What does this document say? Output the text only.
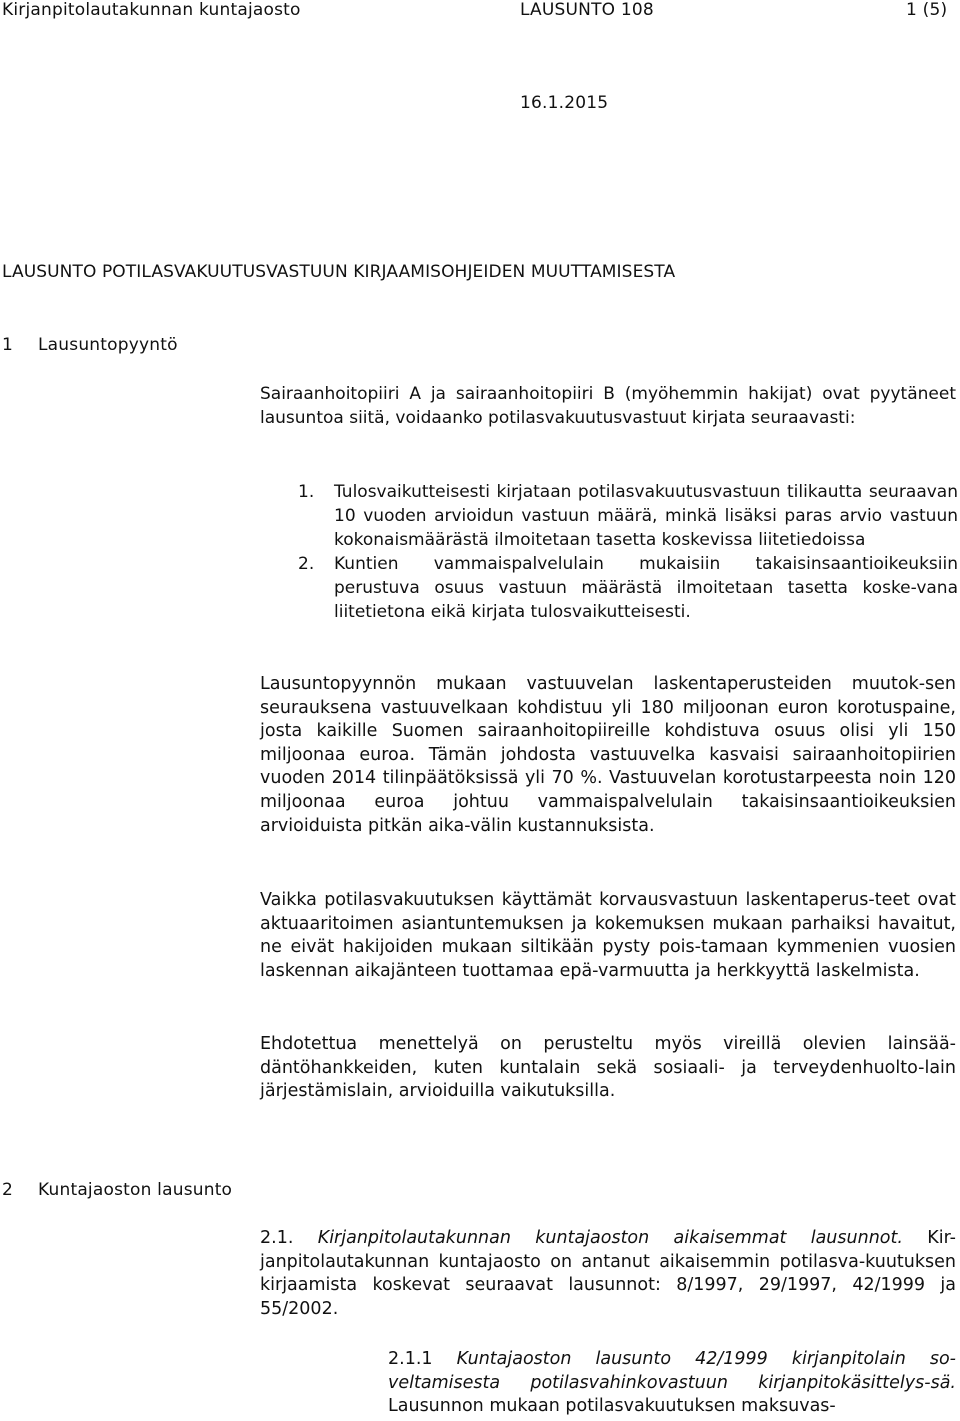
Kirjanpitolautakunnan kuntajaosto	LAUSUNTO 108	1 (5)
16.1.2015
LAUSUNTO POTILASVAKUUTUSVASTUUN KIRJAAMISOHJEIDEN MUUTTAMISESTA
1 Lausuntopyyntö
Sairaanhoitopiiri A ja sairaanhoitopiiri B (myöhemmin hakijat) ovat pyytäneet lausuntoa siitä, voidaanko potilasvakuutusvastuut kirjata seuraavasti:
1. Tulosvaikutteisesti kirjataan potilasvakuutusvastuun tilikautta seuraavan 10 vuoden arvioidun vastuun määrä, minkä lisäksi paras arvio vastuun kokonaismäärästä ilmoitetaan tasetta koskevissa liitetiedoissa
2. Kuntien vammaispalvelulain mukaisiin takaisinsaantioikeuksiin perustuva osuus vastuun määrästä ilmoitetaan tasetta koske-vana liitetietona eikä kirjata tulosvaikutteisesti.
Lausuntopyynnön mukaan vastuuvelan laskentaperusteiden muutok-sen seurauksena vastuuvelkaan kohdistuu yli 180 miljoonan euron korotuspaine, josta kaikille Suomen sairaanhoitopiireille kohdistuva osuus olisi yli 150 miljoonaa euroa. Tämän johdosta vastuuvelka kasvaisi sairaanhoitopiirien vuoden 2014 tilinpäätöksissä yli 70 %. Vastuuvelan korotustarpeesta noin 120 miljoonaa euroa johtuu vammaispalvelulain takaisinsaantioikeuksien arvioiduista pitkän aika-välin kustannuksista.
Vaikka potilasvakuutuksen käyttämät korvausvastuun laskentaperus-teet ovat aktuaaritoimen asiantuntemuksen ja kokemuksen mukaan parhaiksi havaitut, ne eivät hakijoiden mukaan siltikään pysty pois-tamaan kymmenien vuosien laskennan aikajänteen tuottamaa epä-varmuutta ja herkkyyttä laskelmista.
Ehdotettua menettelyä on perusteltu myös vireillä olevien lainsää-däntöhankkeiden, kuten kuntalain sekä sosiaali- ja terveydenhuolto-lain järjestämislain, arvioiduilla vaikutuksilla.
2 Kuntajaoston lausunto
2.1. Kirjanpitolautakunnan kuntajaoston aikaisemmat lausunnot. Kir-janpitolautakunnan kuntajaosto on antanut aikaisemmin potilasva-kuutuksen kirjaamista koskevat seuraavat lausunnot: 8/1997, 29/1997, 42/1999 ja 55/2002.
2.1.1 Kuntajaoston lausunto 42/1999 kirjanpitolain so-veltamisesta potilasvahinkovastuun kirjanpitokäsittelys-sä. Lausunnon mukaan potilasvakuutuksen maksuvas-
